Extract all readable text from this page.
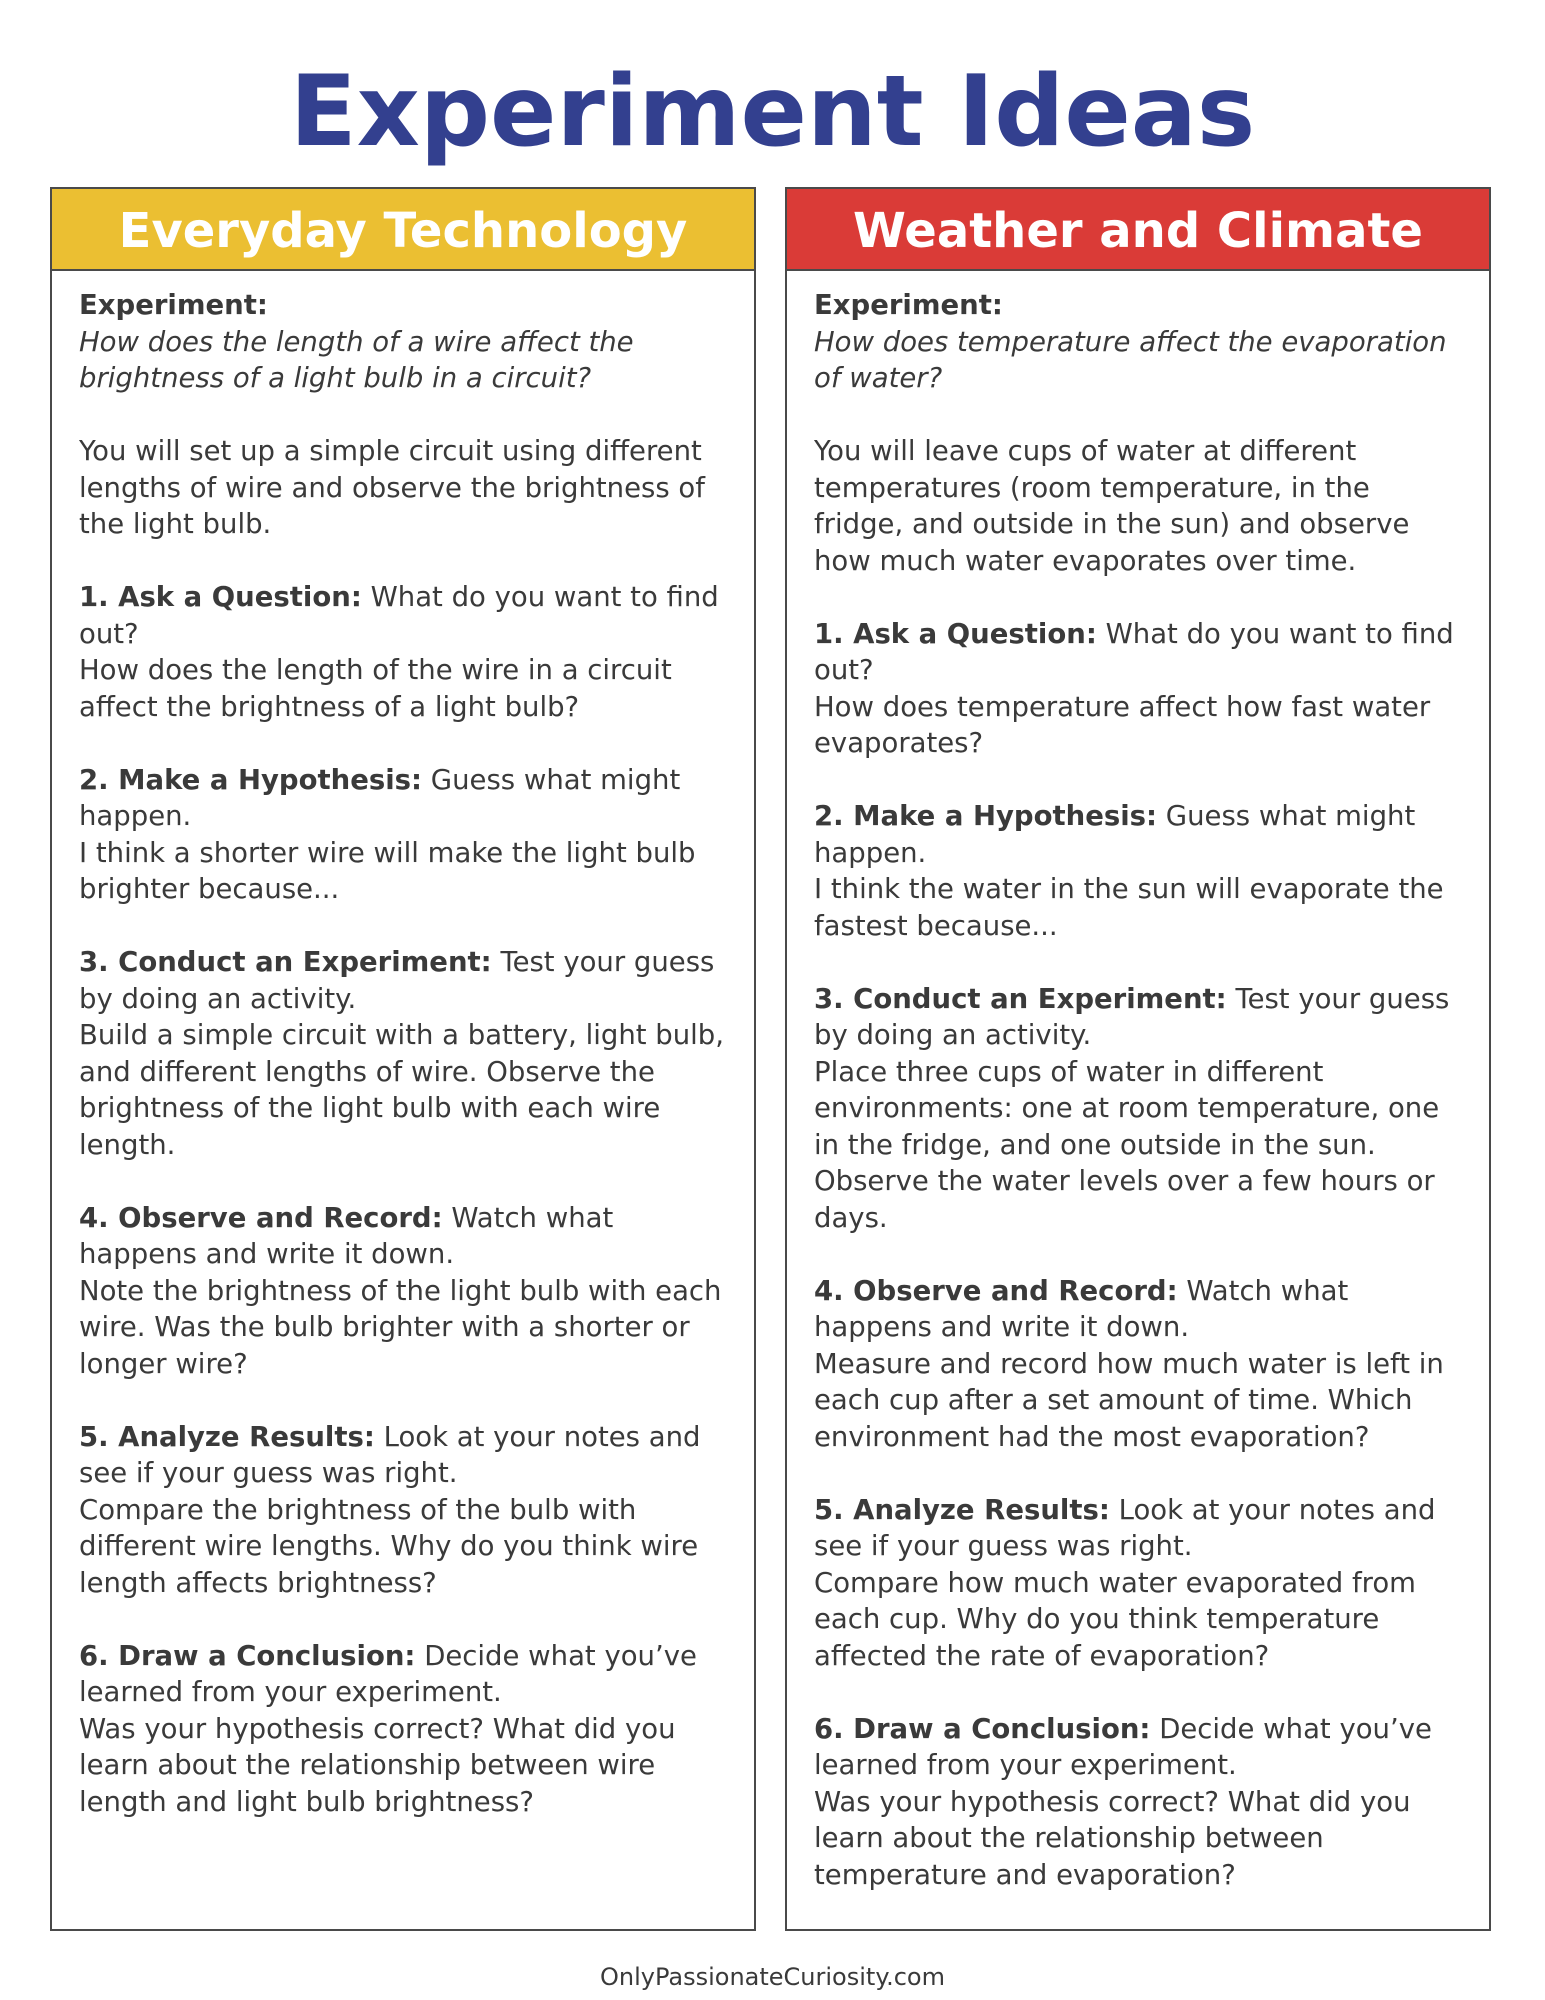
Experiment Ideas
Everyday Technology
Experiment:
How does the length of a wire affect the brightness of a light bulb in a circuit?
You will set up a simple circuit using different lengths of wire and observe the brightness of the light bulb.
1. Ask a Question: What do you want to find out?
How does the length of the wire in a circuit affect the brightness of a light bulb?
2. Make a Hypothesis: Guess what might happen.
I think a shorter wire will make the light bulb brighter because...
3. Conduct an Experiment: Test your guess by doing an activity.
Build a simple circuit with a battery, light bulb, and different lengths of wire. Observe the brightness of the light bulb with each wire length.
4. Observe and Record: Watch what happens and write it down.
Note the brightness of the light bulb with each wire. Was the bulb brighter with a shorter or longer wire?
5. Analyze Results: Look at your notes and see if your guess was right.
Compare the brightness of the bulb with different wire lengths. Why do you think wire length affects brightness?
6. Draw a Conclusion: Decide what you’ve learned from your experiment.
Was your hypothesis correct? What did you learn about the relationship between wire length and light bulb brightness?
Weather and Climate
Experiment:
How does temperature affect the evaporation of water?
You will leave cups of water at different temperatures (room temperature, in the fridge, and outside in the sun) and observe how much water evaporates over time.
1. Ask a Question: What do you want to find out?
How does temperature affect how fast water evaporates?
2. Make a Hypothesis: Guess what might happen.
I think the water in the sun will evaporate the fastest because...
3. Conduct an Experiment: Test your guess by doing an activity.
Place three cups of water in different environments: one at room temperature, one in the fridge, and one outside in the sun. Observe the water levels over a few hours or days.
4. Observe and Record: Watch what happens and write it down.
Measure and record how much water is left in each cup after a set amount of time. Which environment had the most evaporation?
5. Analyze Results: Look at your notes and see if your guess was right.
Compare how much water evaporated from each cup. Why do you think temperature affected the rate of evaporation?
6. Draw a Conclusion: Decide what you’ve learned from your experiment.
Was your hypothesis correct? What did you learn about the relationship between temperature and evaporation?
OnlyPassionateCuriosity.com
